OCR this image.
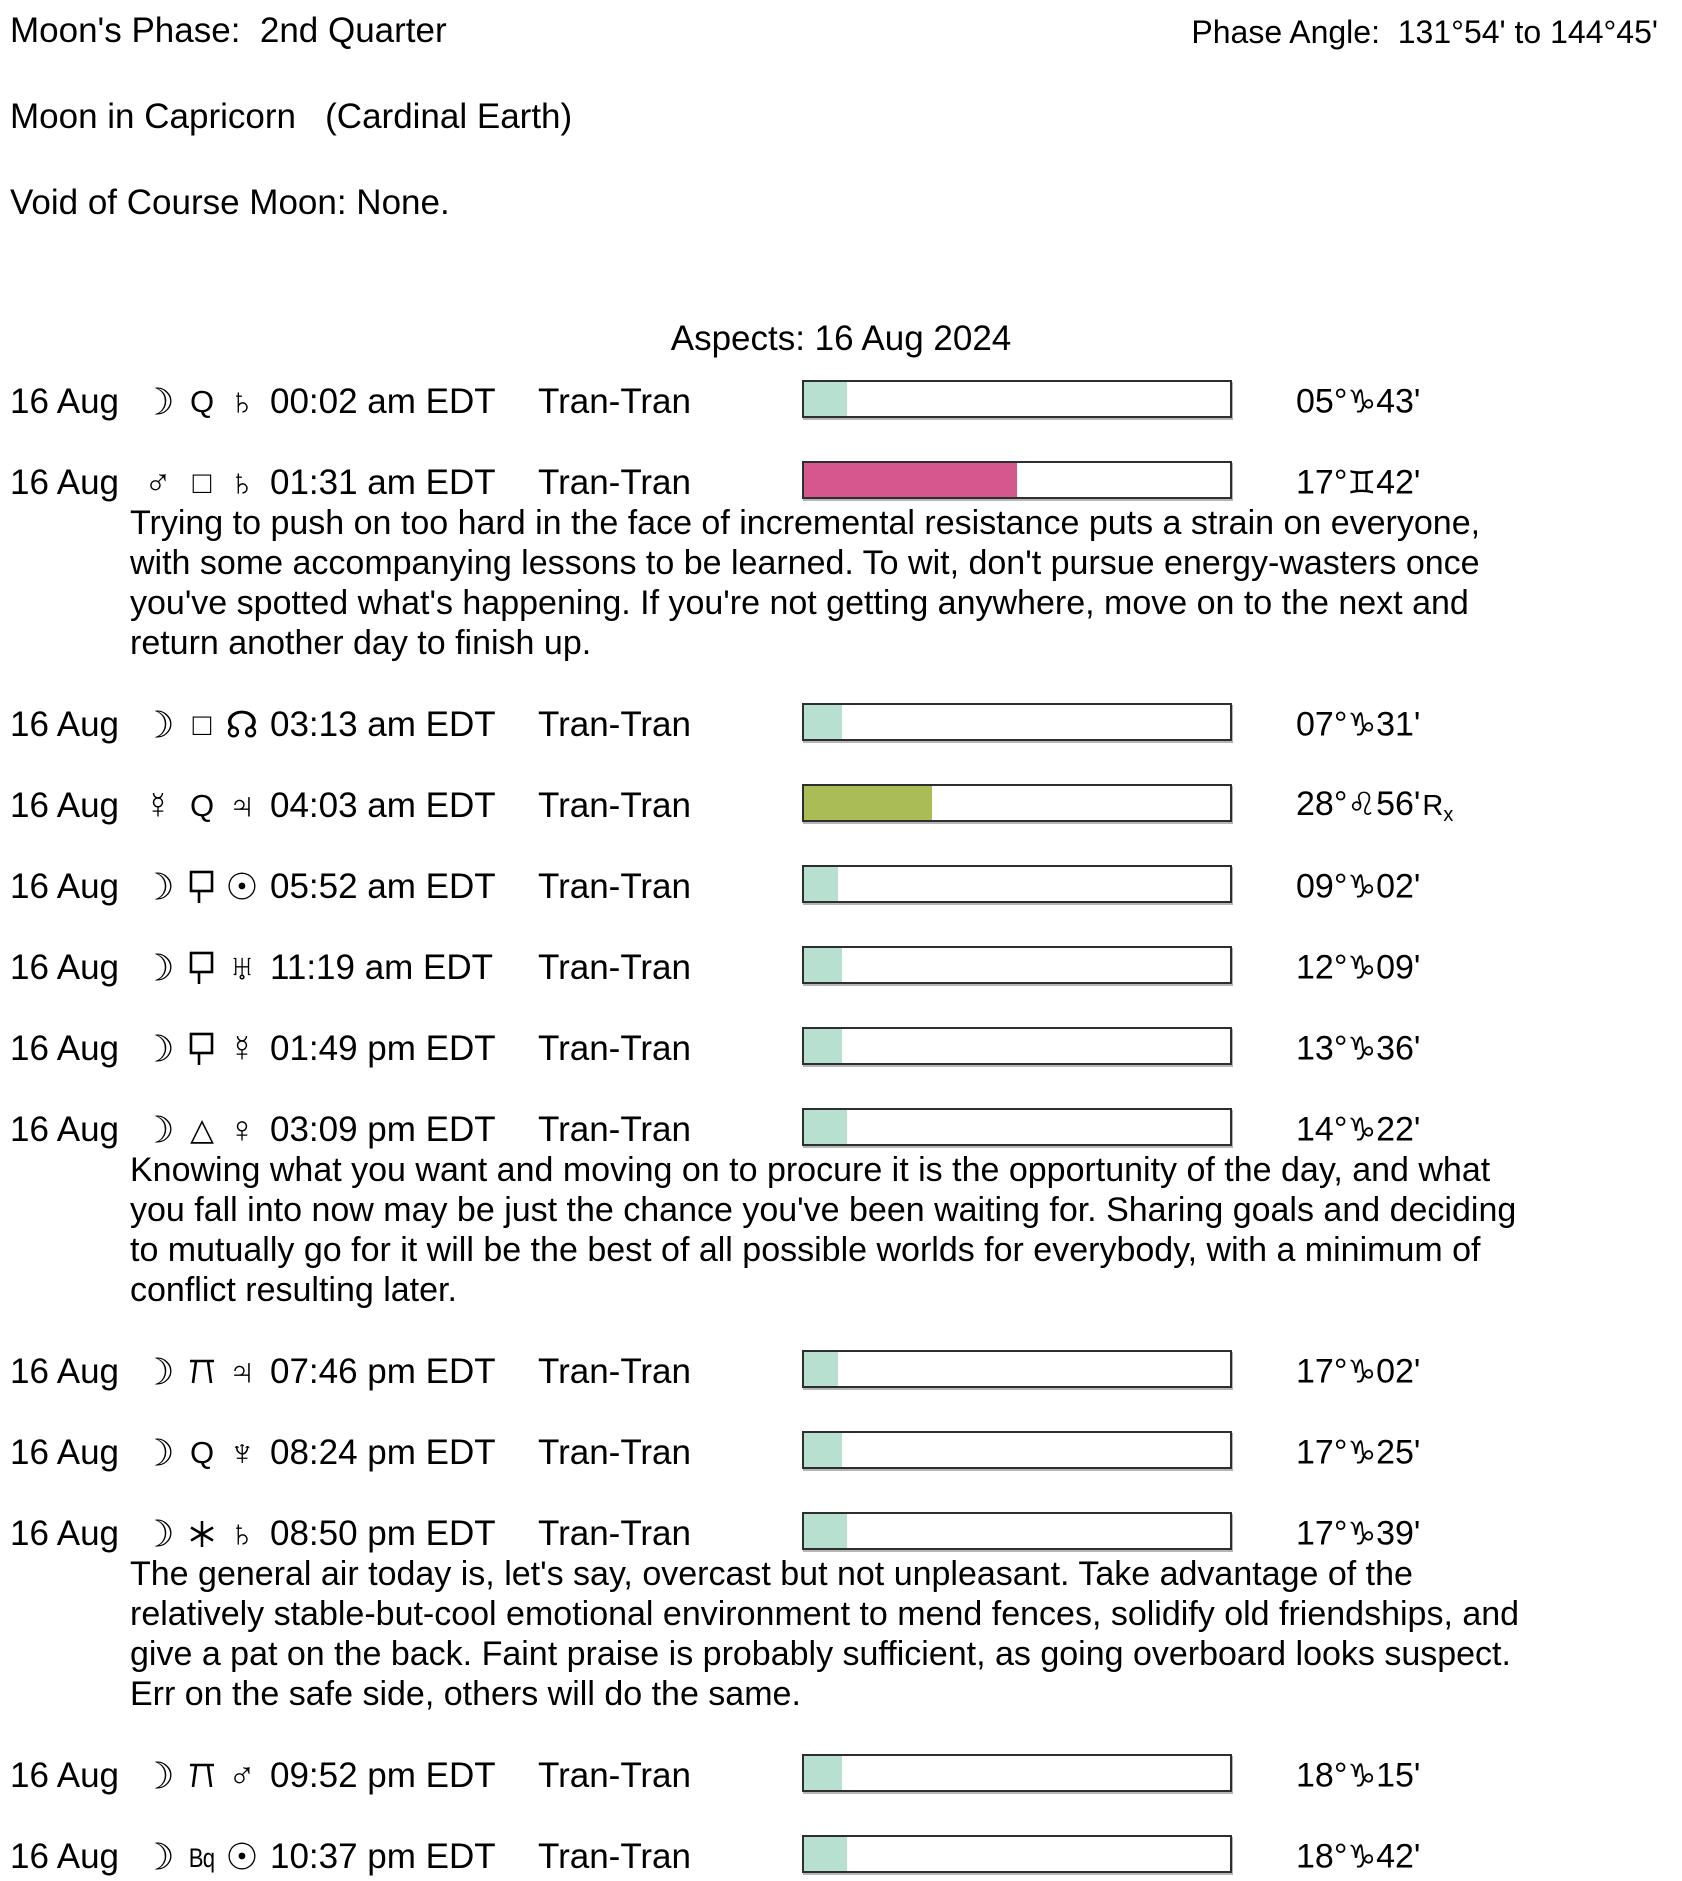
Moon's Phase:  2nd Quarter	Phase Angle:  131°54' to 144°45'
Moon in Capricorn   (Cardinal Earth)
Void of Course Moon: None.
Aspects: 16 Aug 2024
16 Aug ☽ Q ♄ 00:02 am EDT Tran-Tran	05°♑43'
16 Aug ♂ □ ♄ 01:31 am EDT Tran-Tran	17°♊42'
Trying to push on too hard in the face of incremental resistance puts a strain on everyone,
with some accompanying lessons to be learned. To wit, don't pursue energy-wasters once
you've spotted what's happening. If you're not getting anywhere, move on to the next and
return another day to finish up.
16 Aug ☽ □ ☊ 03:13 am EDT Tran-Tran	07°♑31'
16 Aug ☿ Q ♃ 04:03 am EDT Tran-Tran	28°♌56'Rx
16 Aug ☽	☉ 05:52 am EDT Tran-Tran	09°♑02'
16 Aug ☽	♅ 11:19 am EDT Tran-Tran	12°♑09'
16 Aug ☽	☿ 01:49 pm EDT Tran-Tran	13°♑36'
16 Aug ☽ △ ♀ 03:09 pm EDT Tran-Tran	14°♑22'
Knowing what you want and moving on to procure it is the opportunity of the day, and what
you fall into now may be just the chance you've been waiting for. Sharing goals and deciding
to mutually go for it will be the best of all possible worlds for everybody, with a minimum of
conflict resulting later.
16 Aug ☽	♃ 07:46 pm EDT Tran-Tran	17°♑02'
16 Aug ☽ Q ♆ 08:24 pm EDT Tran-Tran	17°♑25'
16 Aug ☽	♄ 08:50 pm EDT Tran-Tran	17°♑39'
The general air today is, let's say, overcast but not unpleasant. Take advantage of the
relatively stable-but-cool emotional environment to mend fences, solidify old friendships, and
give a pat on the back. Faint praise is probably sufficient, as going overboard looks suspect.
Err on the safe side, others will do the same.
16 Aug ☽	♂ 09:52 pm EDT Tran-Tran	18°♑15'
16 Aug ☽ Bq ☉ 10:37 pm EDT Tran-Tran	18°♑42'
